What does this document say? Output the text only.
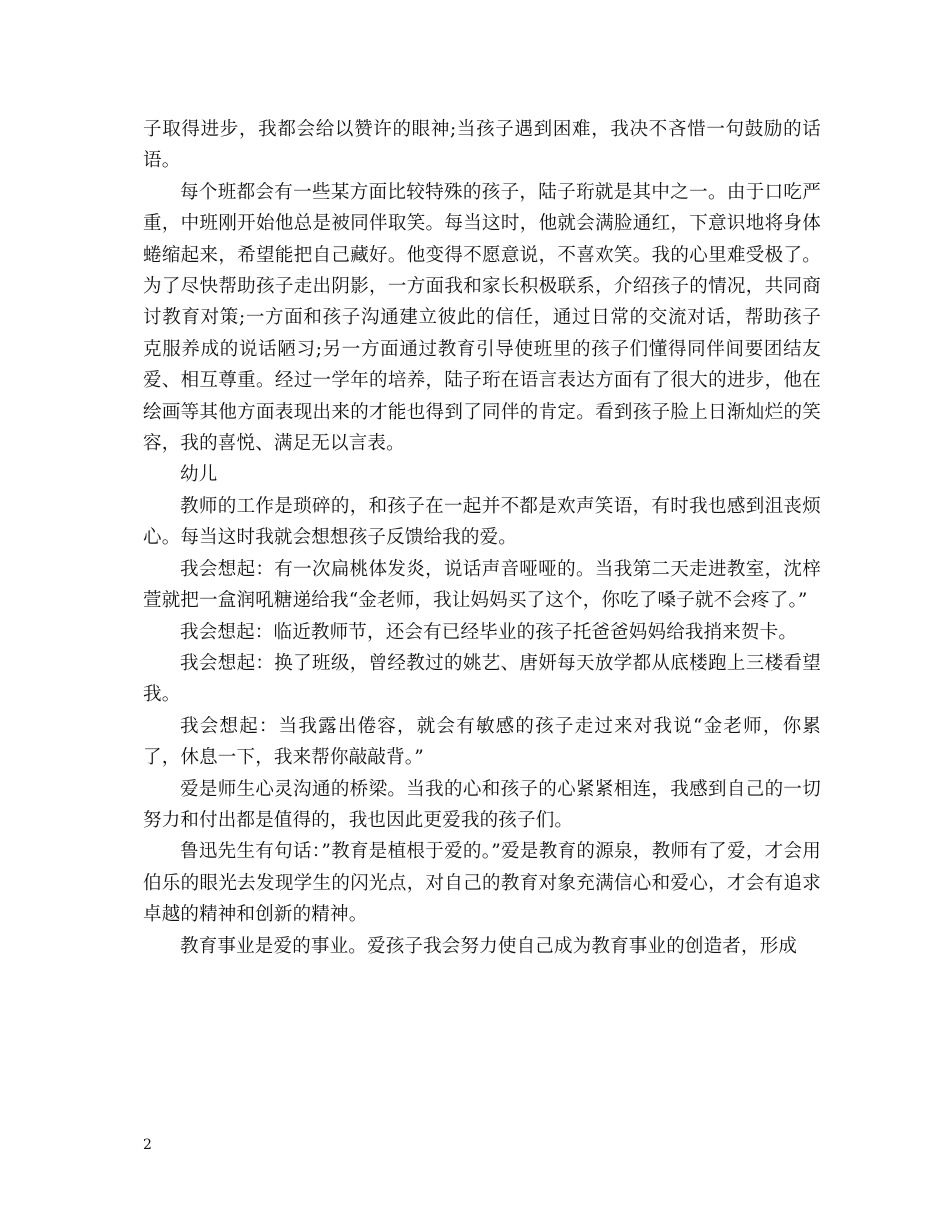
子取得进步，我都会给以赞许的眼神;当孩子遇到困难，我决不吝惜一句鼓励的话语。

每个班都会有一些某方面比较特殊的孩子，陆子珩就是其中之一。由于口吃严重，中班刚开始他总是被同伴取笑。每当这时，他就会满脸通红，下意识地将身体蜷缩起来，希望能把自己藏好。他变得不愿意说，不喜欢笑。我的心里难受极了。为了尽快帮助孩子走出阴影，一方面我和家长积极联系，介绍孩子的情况，共同商讨教育对策;一方面和孩子沟通建立彼此的信任，通过日常的交流对话，帮助孩子克服养成的说话陋习;另一方面通过教育引导使班里的孩子们懂得同伴间要团结友爱、相互尊重。经过一学年的培养，陆子珩在语言表达方面有了很大的进步，他在绘画等其他方面表现出来的才能也得到了同伴的肯定。看到孩子脸上日渐灿烂的笑容，我的喜悦、满足无以言表。

幼儿

教师的工作是琐碎的，和孩子在一起并不都是欢声笑语，有时我也感到沮丧烦心。每当这时我就会想想孩子反馈给我的爱。

我会想起：有一次扁桃体发炎，说话声音哑哑的。当我第二天走进教室，沈梓萱就把一盒润吼糖递给我“金老师，我让妈妈买了这个，你吃了嗓子就不会疼了。”

我会想起：临近教师节，还会有已经毕业的孩子托爸爸妈妈给我捎来贺卡。

我会想起：换了班级，曾经教过的姚艺、唐妍每天放学都从底楼跑上三楼看望我。

我会想起：当我露出倦容，就会有敏感的孩子走过来对我说“金老师，你累了，休息一下，我来帮你敲敲背。”

爱是师生心灵沟通的桥梁。当我的心和孩子的心紧紧相连，我感到自己的一切努力和付出都是值得的，我也因此更爱我的孩子们。

鲁迅先生有句话：”教育是植根于爱的。”爱是教育的源泉，教师有了爱，才会用伯乐的眼光去发现学生的闪光点，对自己的教育对象充满信心和爱心，才会有追求卓越的精神和创新的精神。

教育事业是爱的事业。爱孩子我会努力使自己成为教育事业的创造者，形成

2
